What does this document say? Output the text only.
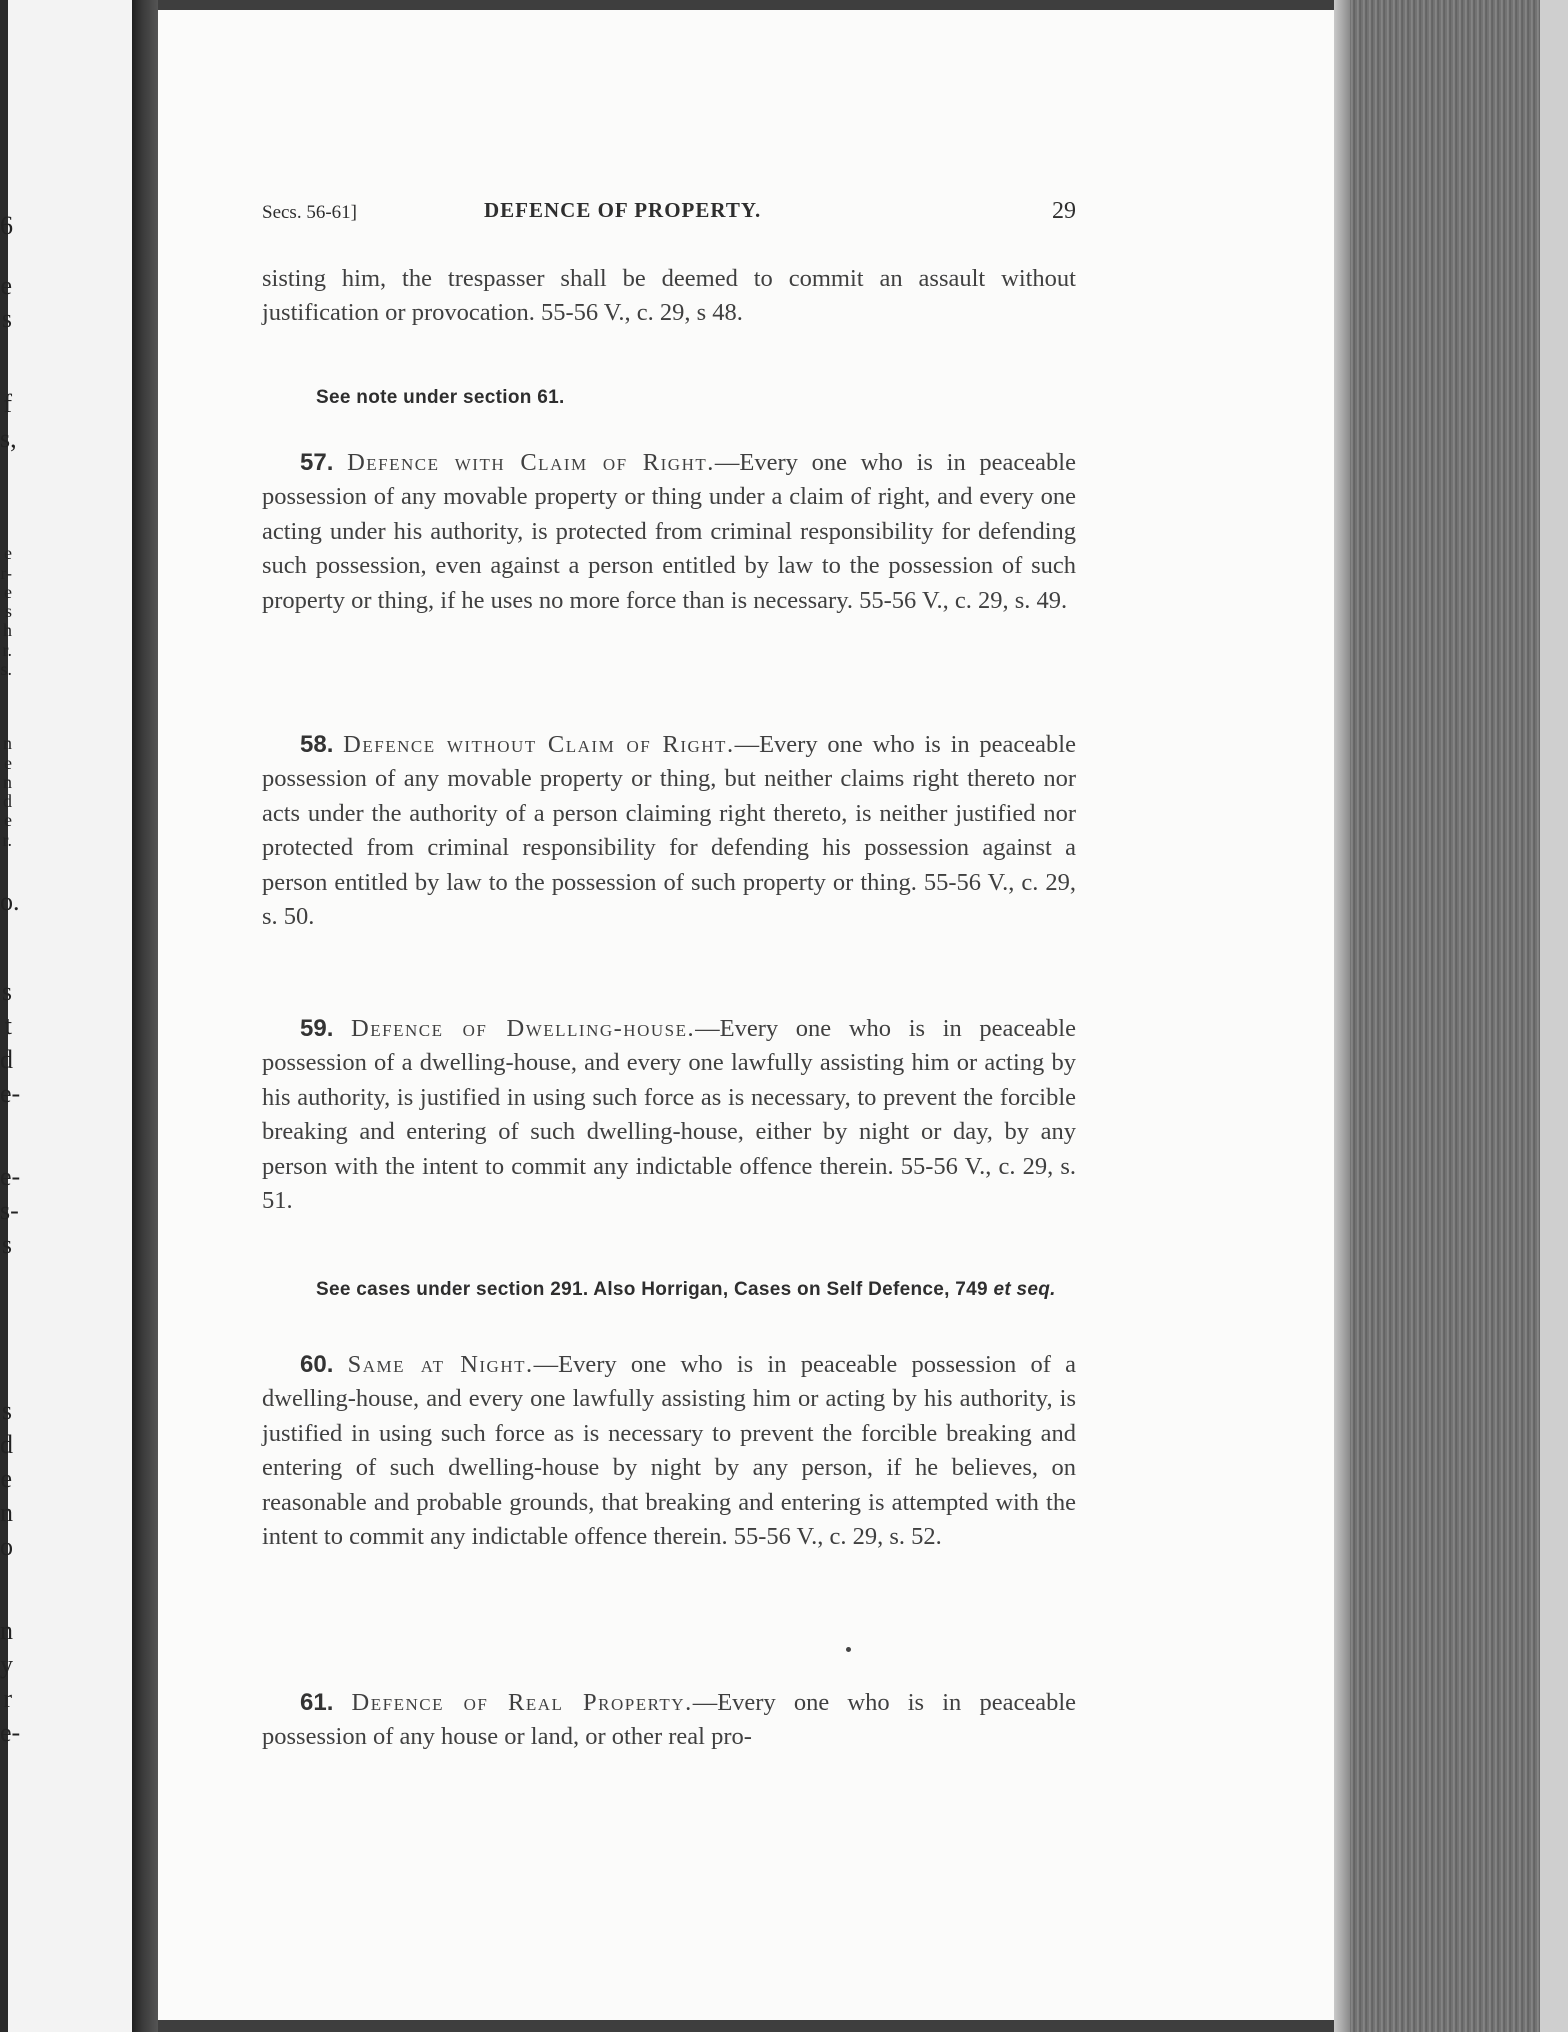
6
e
s
f
s,
e
r-
e
s
h
r.
s.
n
e
n
d
e
r.
o.
s
t
d
e-
e-
s-
s
s
d
e
n
o
n
y
r
e-
Secs. 56-61]	DEFENCE OF PROPERTY.	29
sisting him, the trespasser shall be deemed to commit an assault without justification or provocation. 55-56 V., c. 29, s 48.
See note under section 61.
57. Defence with Claim of Right.—Every one who is in peaceable possession of any movable property or thing under a claim of right, and every one acting under his authority, is protected from criminal responsibility for defending such possession, even against a person entitled by law to the possession of such property or thing, if he uses no more force than is necessary. 55-56 V., c. 29, s. 49.
58. Defence without Claim of Right.—Every one who is in peaceable possession of any movable property or thing, but neither claims right thereto nor acts under the authority of a person claiming right thereto, is neither justified nor protected from criminal responsibility for defending his possession against a person entitled by law to the possession of such property or thing. 55-56 V., c. 29, s. 50.
59. Defence of Dwelling-house.—Every one who is in peaceable possession of a dwelling-house, and every one lawfully assisting him or acting by his authority, is justified in using such force as is necessary, to prevent the forcible breaking and entering of such dwelling-house, either by night or day, by any person with the intent to commit any indictable offence therein. 55-56 V., c. 29, s. 51.
See cases under section 291. Also Horrigan, Cases on Self Defence, 749 et seq.
60. Same at Night.—Every one who is in peaceable possession of a dwelling-house, and every one lawfully assisting him or acting by his authority, is justified in using such force as is necessary to prevent the forcible breaking and entering of such dwelling-house by night by any person, if he believes, on reasonable and probable grounds, that breaking and entering is attempted with the intent to commit any indictable offence therein. 55-56 V., c. 29, s. 52.
61. Defence of Real Property.—Every one who is in peaceable possession of any house or land, or other real pro-
